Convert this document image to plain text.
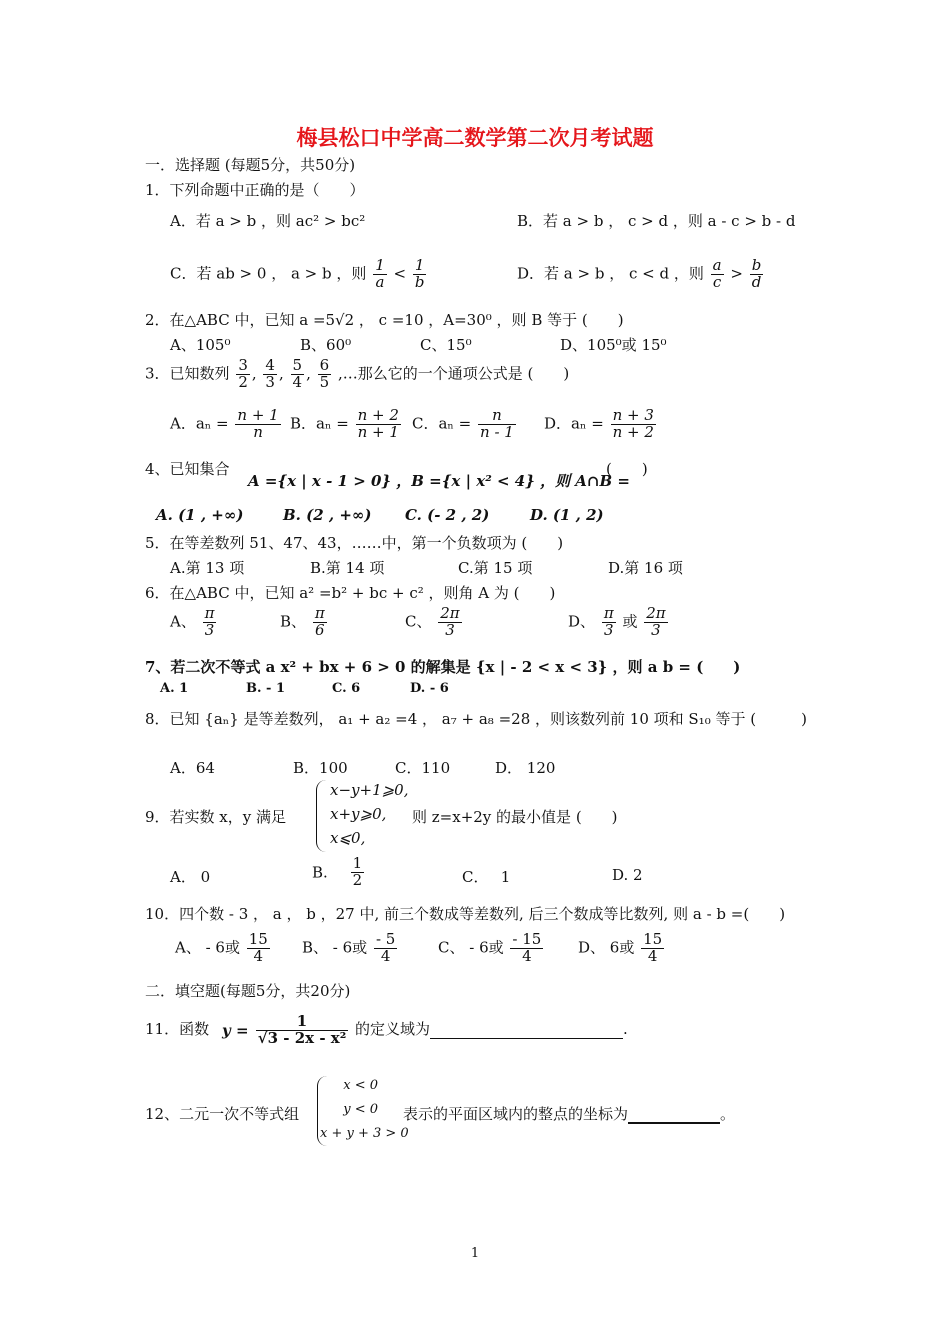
梅县松口中学高二数学第二次月考试题
一．选择题 (每题5分，共50分)
1．下列命题中正确的是（　　）
A．若 a > b ，则 ac² > bc²	B．若 a > b ， c > d ，则 a - c > b - d
C．若 ab > 0 ， a > b ，则 $\frac{1}{a} < \frac{1}{b}$	D．若 a > b ， c < d ，则 $\frac{a}{c} > \frac{b}{d}$
2．在△ABC 中，已知 a =5√2 ， c =10 ，A=30⁰ ，则 B 等于 (　　)
A、105⁰	B、60⁰	C、15⁰	D、105⁰或 15⁰
3．已知数列 $\frac{3}{2}$ , $\frac{4}{3}$ , $\frac{5}{4}$ , $\frac{6}{5}$ ,…那么它的一个通项公式是 (　　)
A．$a_n = \frac{n + 1}{n}$ B．$a_n = \frac{n + 2}{n + 1}$ C．$a_n = \frac{n}{n - 1}$ D．$a_n = \frac{n + 3}{n + 2}$
4、已知集合
A ={x | x - 1 > 0} ，B ={x | x² < 4} ，则 A∩B =
(　　)
A. (1 , +∞)	B. (2 , +∞) C. (- 2 , 2)	D. (1 , 2)
5．在等差数列 51、47、43，……中，第一个负数项为 (　　)
A.第 13 项	B.第 14 项	C.第 15 项	D.第 16 项
6．在△ABC 中，已知 a² =b² + bc + c² ，则角 A 为 (　　)
A、 $\frac{\pi}{3}$	B、 $\frac{\pi}{6}$	C、 $\frac{2\pi}{3}$	D、 $\frac{\pi}{3}$ 或 $\frac{2\pi}{3}$
7、若二次不等式 a x² + bx + 6 > 0 的解集是 {x | - 2 < x < 3} ，则 a b = (　　)
A. 1	B. - 1	C. 6	D. - 6
8．已知 {aₙ} 是等差数列， a₁ + a₂ =4 ， a₇ + a₈ =28 ，则该数列前 10 项和 S₁₀ 等于 (　　　)
A．64	B．100	C．110	D． 120
9．若实数 x，y 满足
x−y+1⩾0,
x+y⩾0,
x⩽0,
则 z=x+2y 的最小值是 (　　)
A． 0	B. $\frac{1}{2}$	C．　 1	D. 2
10．四个数 - 3 ， a ， b ，27 中, 前三个数成等差数列, 后三个数成等比数列, 则 a - b =(　　)
A、 - 6或 $\frac{15}{4}$ B、 - 6或 $\frac{- 5}{4}$	C、 - 6或 $\frac{- 15}{4}$ D、 6或 $\frac{15}{4}$
二．填空题(每题5分，共20分)
11．函数 $y = \frac{1}{\text{√3 - 2x - x²}}$ 的定义域为	.
12、二元一次不等式组
x < 0
y < 0
x + y + 3 > 0
表示的平面区域内的整点的坐标为	。
1
